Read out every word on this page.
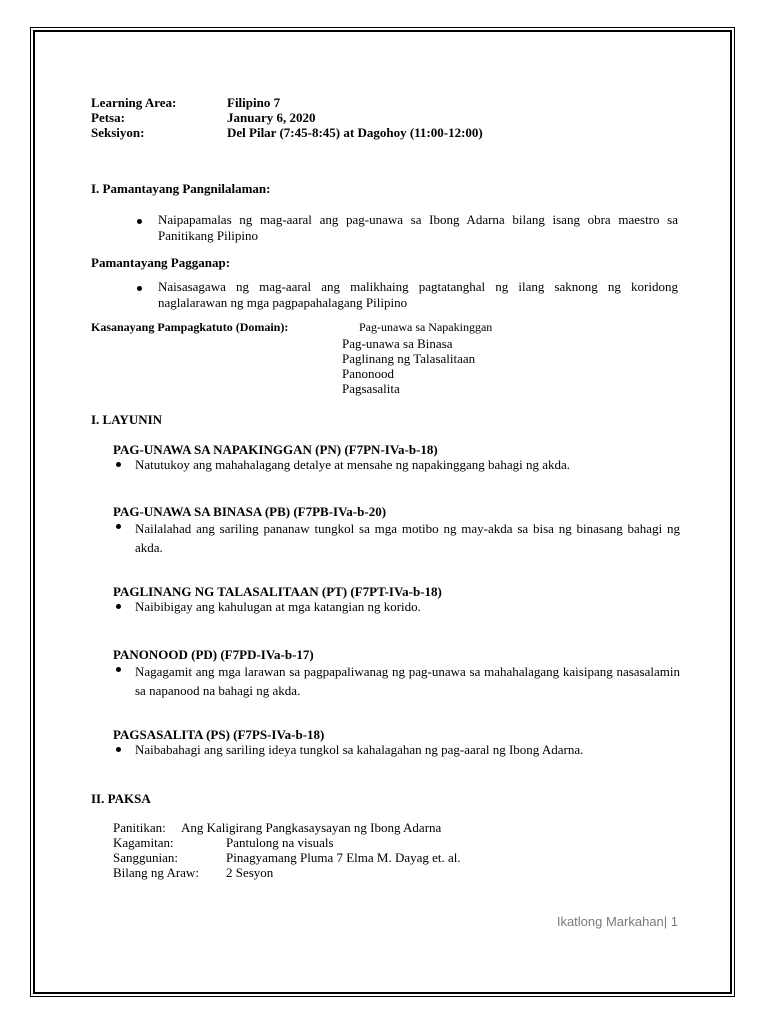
Learning Area:	Filipino 7
Petsa:	January 6, 2020
Seksiyon:	Del Pilar (7:45-8:45) at Dagohoy (11:00-12:00)
I. Pamantayang Pangnilalaman:
Naipapamalas ng mag-aaral ang pag-unawa sa Ibong Adarna bilang isang obra maestro sa Panitikang Pilipino
Pamantayang Pagganap:
Naisasagawa ng mag-aaral ang malikhaing pagtatanghal ng ilang saknong ng koridong naglalarawan ng mga pagpapahalagang Pilipino
Kasanayang Pampagkatuto (Domain):	Pag-unawa sa Napakinggan
Pag-unawa sa Binasa
Paglinang ng Talasalitaan
Panonood
Pagsasalita
I. LAYUNIN
PAG-UNAWA SA NAPAKINGGAN (PN) (F7PN-IVa-b-18)
Natutukoy ang mahahalagang detalye at mensahe ng napakinggang bahagi ng akda.
PAG-UNAWA SA BINASA (PB) (F7PB-IVa-b-20)
Nailalahad ang sariling pananaw tungkol sa mga motibo ng may-akda sa bisa ng binasang bahagi ng akda.
PAGLINANG NG TALASALITAAN (PT) (F7PT-IVa-b-18)
Naibibigay ang kahulugan at mga katangian ng korido.
PANONOOD (PD) (F7PD-IVa-b-17)
Nagagamit ang mga larawan sa pagpapaliwanag ng pag-unawa sa mahahalagang kaisipang nasasalamin sa napanood na bahagi ng akda.
PAGSASALITA (PS) (F7PS-IVa-b-18)
Naibabahagi ang sariling ideya tungkol sa kahalagahan ng pag-aaral ng Ibong Adarna.
II. PAKSA
Panitikan: Ang Kaligirang Pangkasaysayan ng Ibong Adarna
Kagamitan:	Pantulong na visuals
Sanggunian:	Pinagyamang Pluma 7 Elma M. Dayag et. al.
Bilang ng Araw: 2 Sesyon
Ikatlong Markahan| 1
